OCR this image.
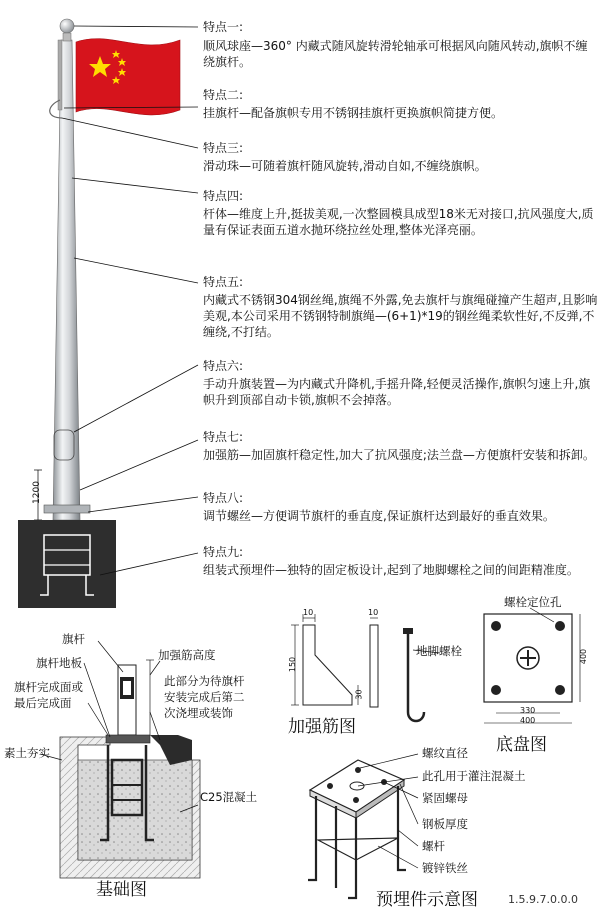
特点一:
顺风球座—360° 内藏式随风旋转滑轮轴承可根据风向随风转动,旗帜不缠绕旗杆。
特点二:
挂旗杆—配备旗帜专用不锈钢挂旗杆更换旗帜简捷方便。
特点三:
滑动珠—可随着旗杆随风旋转,滑动自如,不缠绕旗帜。
特点四:
杆体—维度上升,挺拔美观,一次整圆模具成型18米无对接口,抗风强度大,质量有保证表面五道水抛环绕拉丝处理,整体光泽亮丽。
特点五:
内藏式不锈钢304钢丝绳,旗绳不外露,免去旗杆与旗绳碰撞产生超声,且影响美观,本公司采用不锈钢特制旗绳—(6+1)*19的钢丝绳柔软性好,不反弹,不缠绕,不打结。
特点六:
手动升旗装置—为内藏式升降机,手摇升降,轻便灵活操作,旗帜匀速上升,旗帜升到顶部自动卡锁,旗帜不会掉落。
特点七:
加强筋—加固旗杆稳定性,加大了抗风强度;法兰盘—方便旗杆安装和拆卸。
特点八:
调节螺丝—方便调节旗杆的垂直度,保证旗杆达到最好的垂直效果。
特点九:
组装式预埋件—独特的固定板设计,起到了地脚螺栓之间的间距精准度。
1200
旗杆
加强筋高度
旗杆地板
旗杆完成面或
最后完成面
此部分为待旗杆
安装完成后第二
次浇埋或装饰
素土夯实
C25混凝土
基础图
10
150
30
10
加强筋图
地脚螺栓
螺栓定位孔
330
400
400
底盘图
螺纹直径
此孔用于灌注混凝土
紧固螺母
钢板厚度
螺杆
镀锌铁丝
预埋件示意图	1.5.9.7.0.0.0
